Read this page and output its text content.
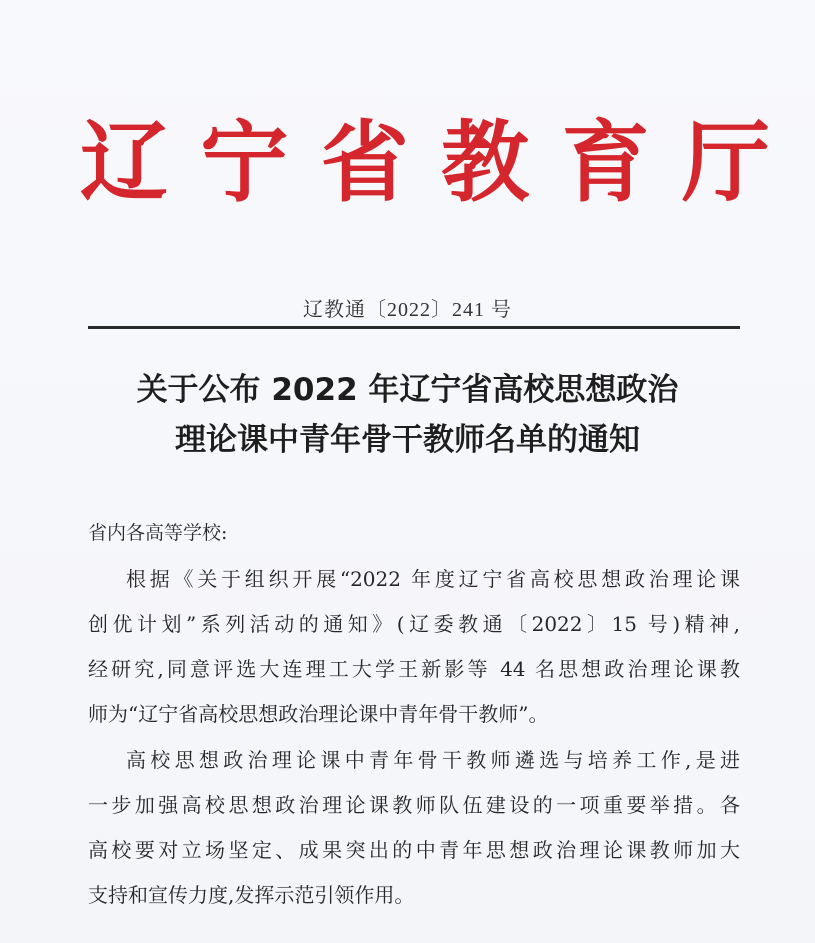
辽 宁 省 教 育 厅
辽教通〔2022〕241 号
关于公布 2022 年辽宁省高校思想政治
理论课中青年骨干教师名单的通知
省内各高等学校:
根据《关于组织开展“2022 年度辽宁省高校思想政治理论课
创优计划”系列活动的通知》(辽委教通〔2022〕15 号)精神,
经研究,同意评选大连理工大学王新影等 44 名思想政治理论课教
师为“辽宁省高校思想政治理论课中青年骨干教师”。
高校思想政治理论课中青年骨干教师遴选与培养工作,是进
一步加强高校思想政治理论课教师队伍建设的一项重要举措。各
高校要对立场坚定、成果突出的中青年思想政治理论课教师加大
支持和宣传力度,发挥示范引领作用。
